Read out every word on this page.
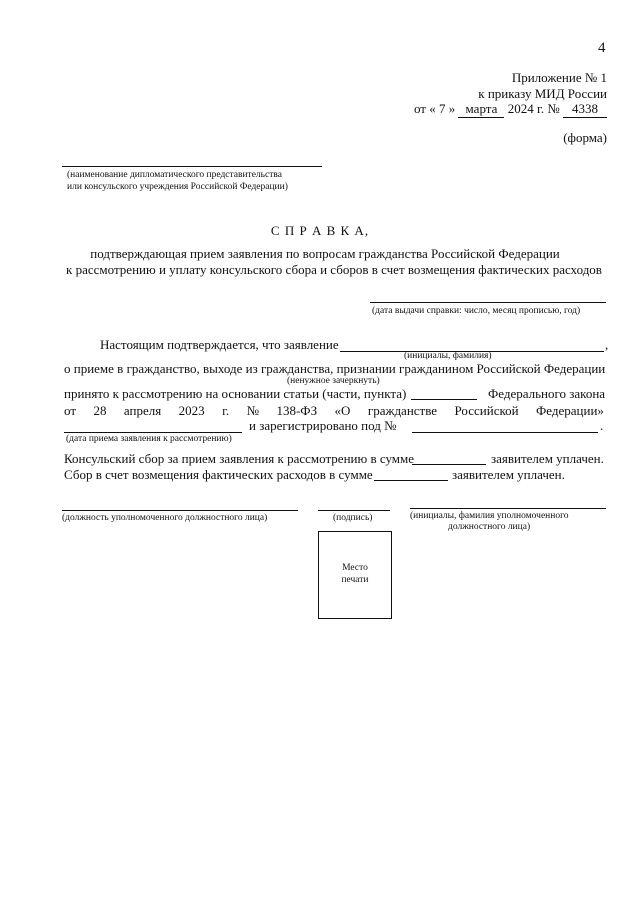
4
Приложение № 1
к приказу МИД России
от « 7 » марта 2024 г. № 4338
(форма)
(наименование дипломатического представительства
или консульского учреждения Российской Федерации)
С П Р А В К А,
подтверждающая прием заявления по вопросам гражданства Российской Федерации
к рассмотрению и уплату консульского сбора и сборов в счет возмещения фактических расходов
(дата выдачи справки: число, месяц прописью, год)
Настоящим подтверждается, что заявление	,
(инициалы, фамилия)
о приеме в гражданство, выходе из гражданства, признании гражданином Российской Федерации
(ненужное зачеркнуть)
принято к рассмотрению на основании статьи (части, пункта)	Федерального закона
от 28 апреля 2023 г. № 138-ФЗ «О гражданстве Российской Федерации»
и зарегистрировано под №	.
(дата приема заявления к рассмотрению)
Консульский сбор за прием заявления к рассмотрению в сумме	заявителем уплачен.
Сбор в счет возмещения фактических расходов в сумме	заявителем уплачен.
(должность уполномоченного должностного лица)	(подпись)	(инициалы, фамилия уполномоченного
должностного лица)
Место
печати
